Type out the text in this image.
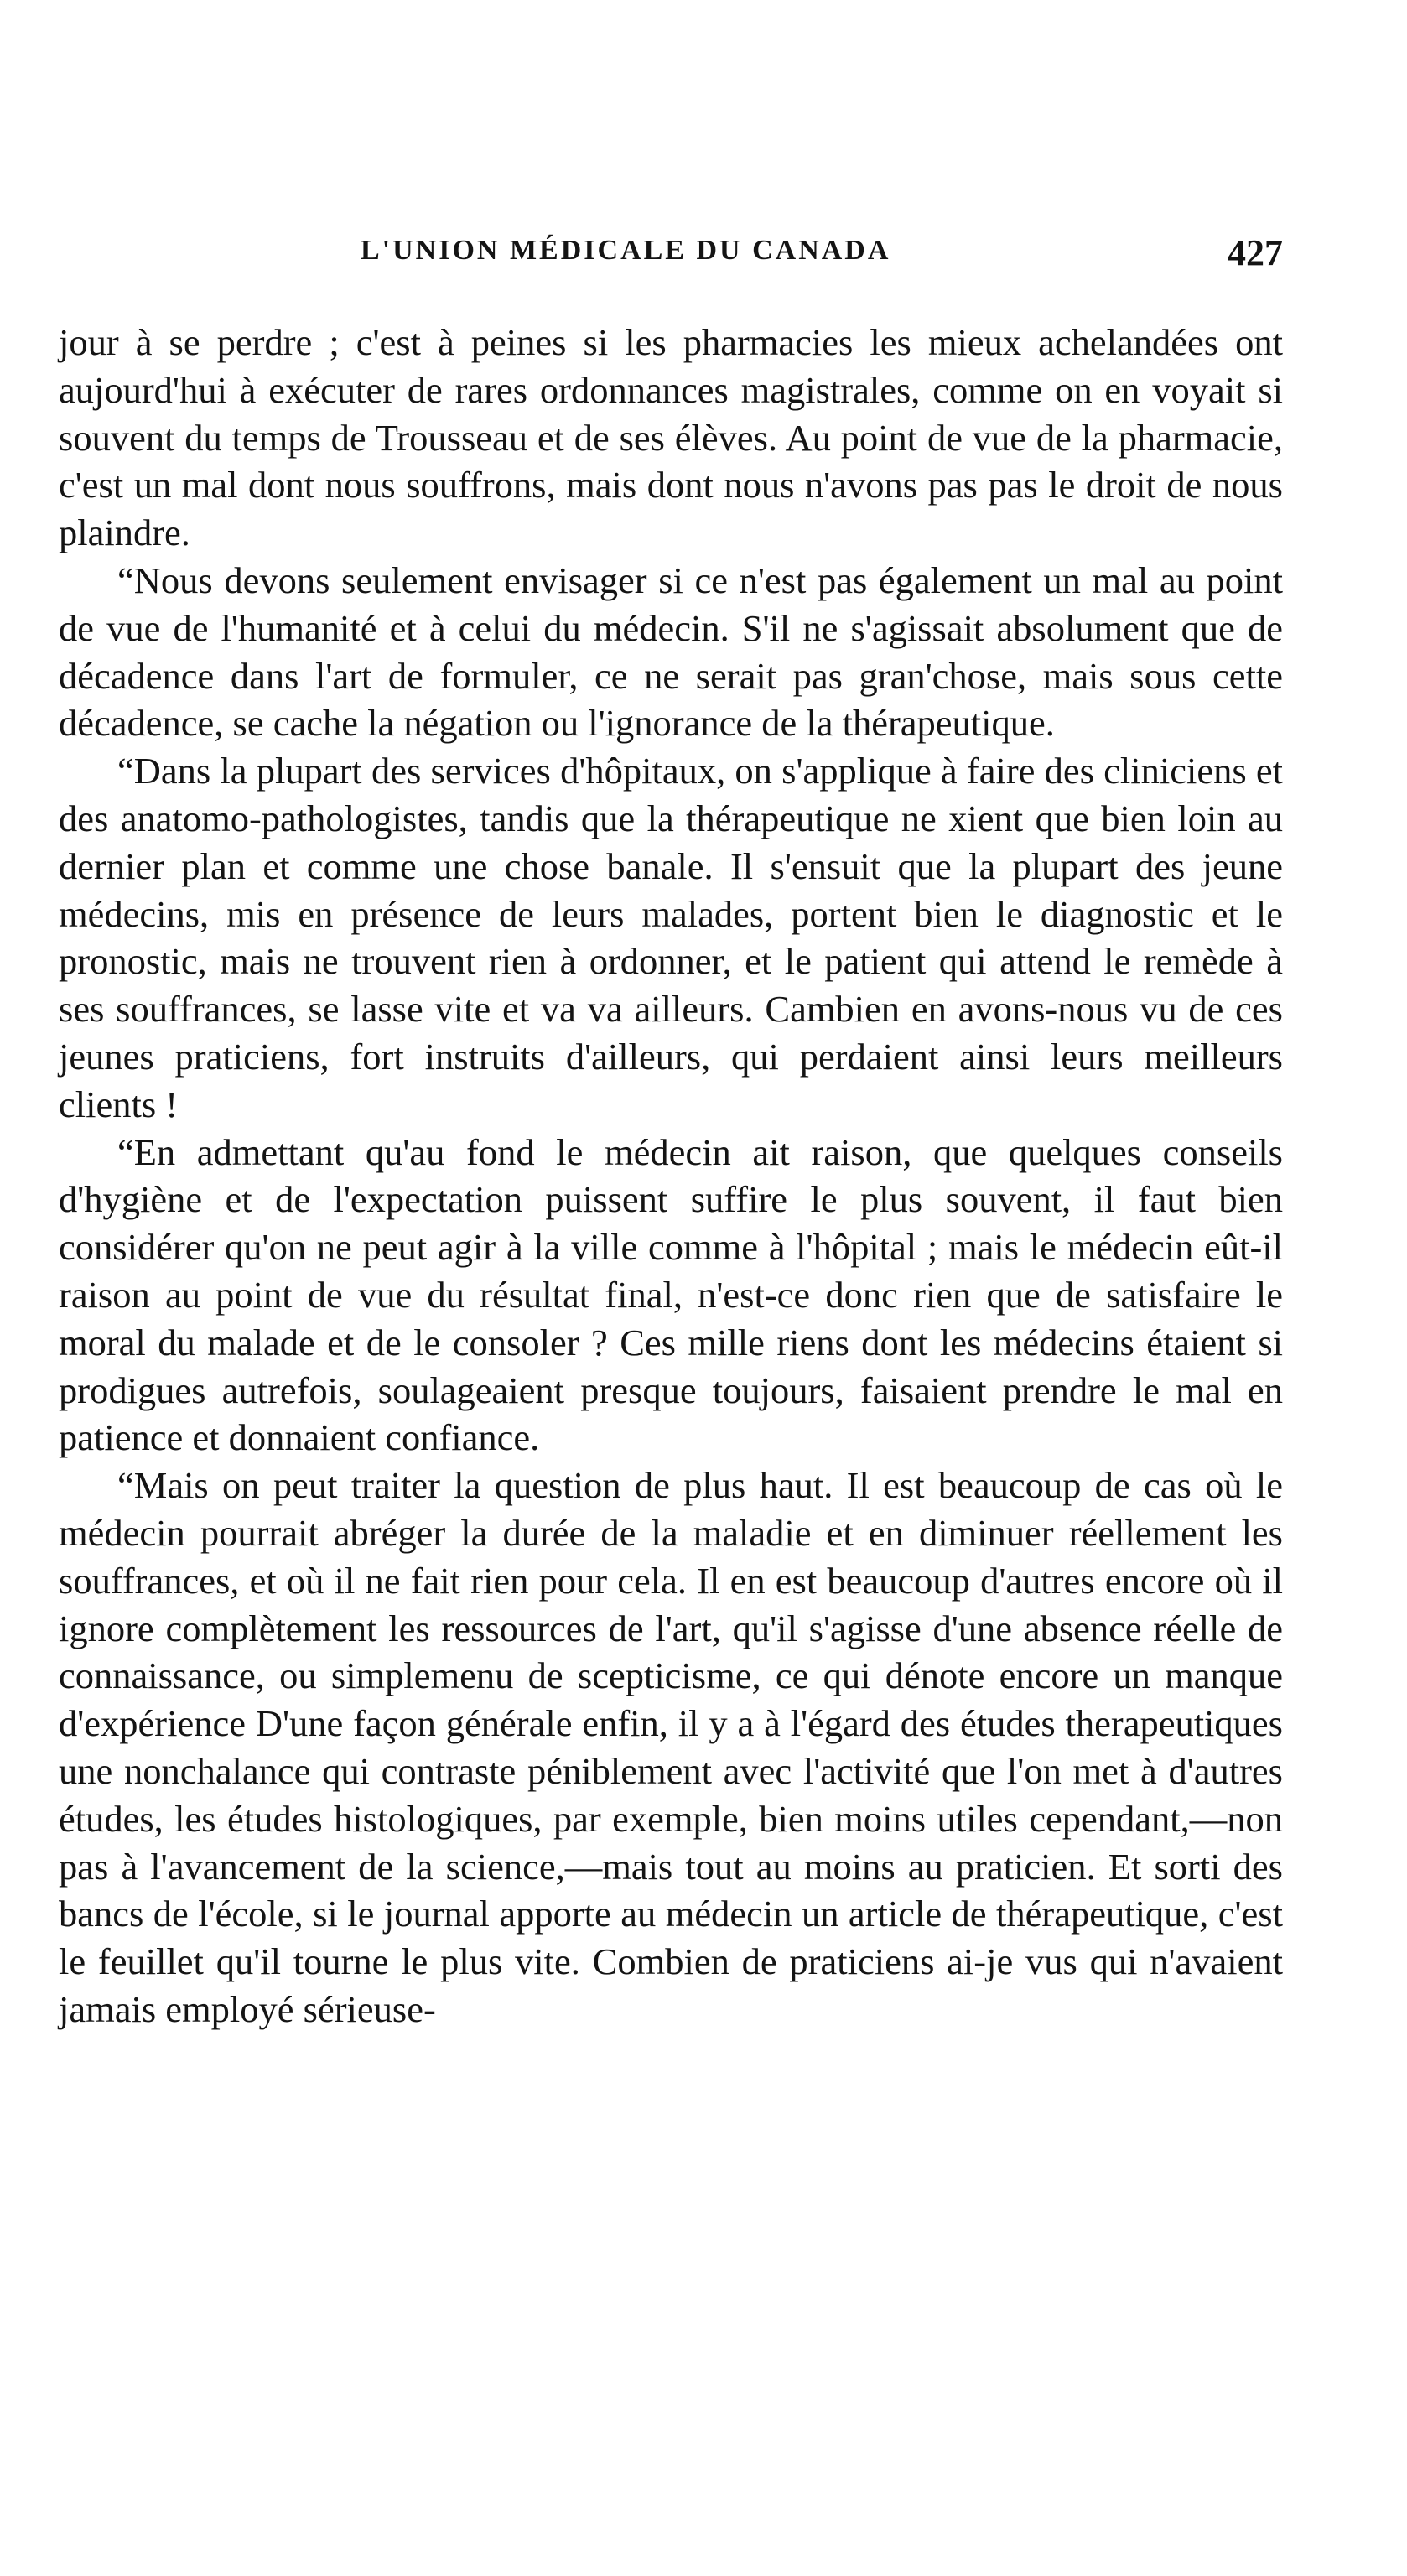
L'UNION MÉDICALE DU CANADA	427

jour à se perdre ; c'est à peines si les pharmacies les mieux achelandées ont aujourd'hui à exécuter de rares ordonnances magistrales, comme on en voyait si souvent du temps de Trousseau et de ses élèves. Au point de vue de la pharmacie, c'est un mal dont nous souffrons, mais dont nous n'avons pas pas le droit de nous plaindre.

“Nous devons seulement envisager si ce n'est pas également un mal au point de vue de l'humanité et à celui du médecin. S'il ne s'agissait absolument que de décadence dans l'art de formuler, ce ne serait pas gran'chose, mais sous cette décadence, se cache la négation ou l'ignorance de la thérapeutique.

“Dans la plupart des services d'hôpitaux, on s'applique à faire des cliniciens et des anatomo-pathologistes, tandis que la thérapeutique ne xient que bien loin au dernier plan et comme une chose banale. Il s'ensuit que la plupart des jeune médecins, mis en présence de leurs malades, portent bien le diagnostic et le pronostic, mais ne trouvent rien à ordonner, et le patient qui attend le remède à ses souffrances, se lasse vite et va va ailleurs. Cambien en avons-nous vu de ces jeunes praticiens, fort instruits d'ailleurs, qui perdaient ainsi leurs meilleurs clients !

“En admettant qu'au fond le médecin ait raison, que quelques conseils d'hygiène et de l'expectation puissent suffire le plus souvent, il faut bien considérer qu'on ne peut agir à la ville comme à l'hôpital ; mais le médecin eût-il raison au point de vue du résultat final, n'est-ce donc rien que de satisfaire le moral du malade et de le consoler ? Ces mille riens dont les médecins étaient si prodigues autrefois, soulageaient presque toujours, faisaient prendre le mal en patience et donnaient confiance.

“Mais on peut traiter la question de plus haut. Il est beaucoup de cas où le médecin pourrait abréger la durée de la maladie et en diminuer réellement les souffrances, et où il ne fait rien pour cela. Il en est beaucoup d'autres encore où il ignore complètement les ressources de l'art, qu'il s'agisse d'une absence réelle de connaissance, ou simplemenu de scepticisme, ce qui dénote encore un manque d'expérience D'une façon générale enfin, il y a à l'égard des études therapeutiques une nonchalance qui contraste péniblement avec l'activité que l'on met à d'autres études, les études histologiques, par exemple, bien moins utiles cependant,—non pas à l'avancement de la science,—mais tout au moins au praticien. Et sorti des bancs de l'école, si le journal apporte au médecin un article de thérapeutique, c'est le feuillet qu'il tourne le plus vite. Combien de praticiens ai-je vus qui n'avaient jamais employé sérieuse-
